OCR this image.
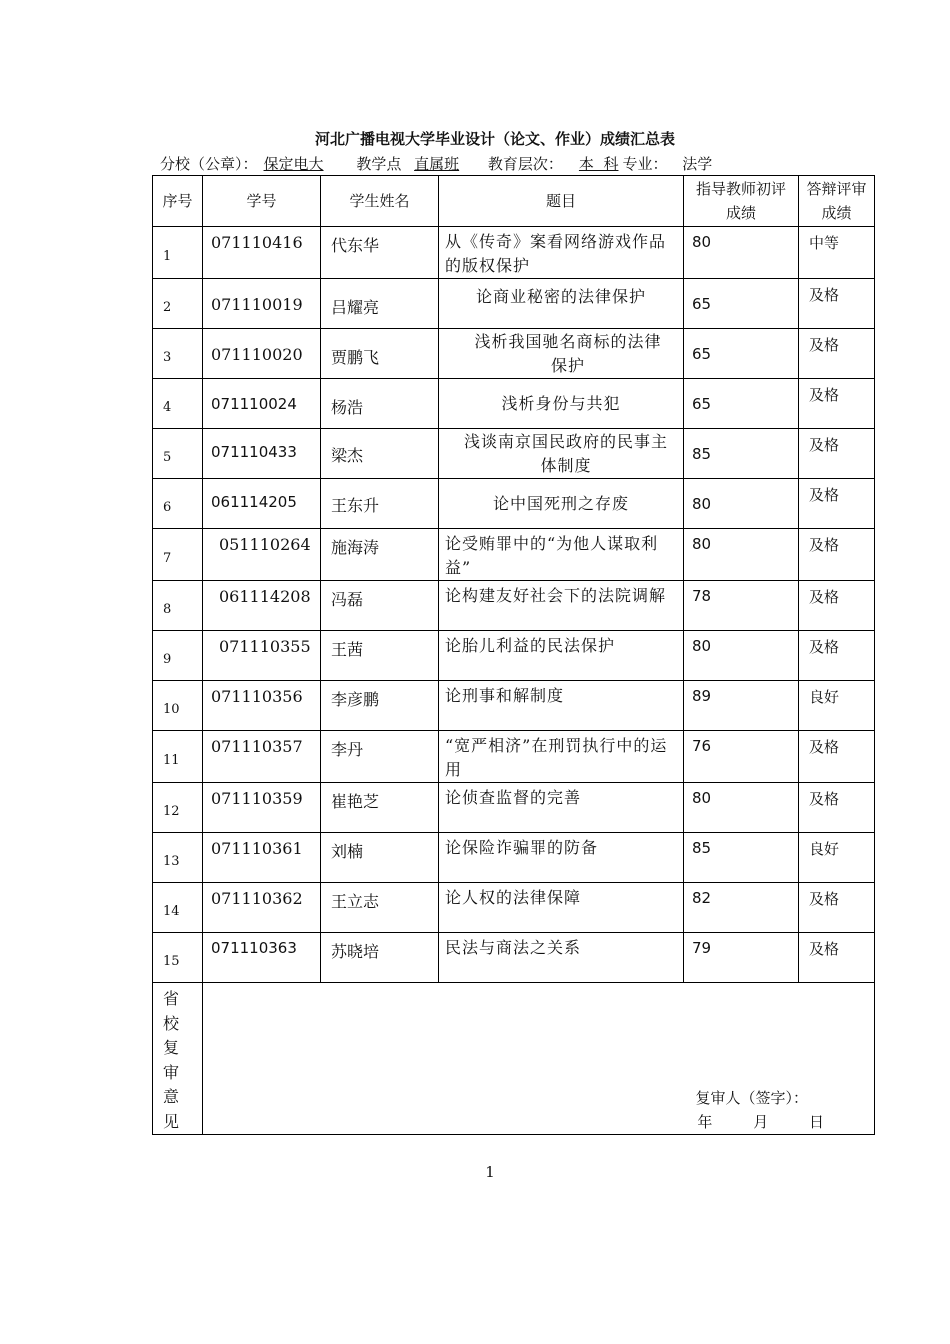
河北广播电视大学毕业设计（论文、作业）成绩汇总表
分校（公章）： 保定电大 教学点 直属班 教育层次： 本  科 专业： 法学
序号	学号	学生姓名	题目	指导教师初评成绩	答辩评审成绩
1	071110416	代东华	从《传奇》案看网络游戏作品的版权保护	80	中等
2	071110019	吕耀亮	论商业秘密的法律保护	65	及格
3	071110020	贾鹏飞	浅析我国驰名商标的法律保护	65	及格
4	071110024	杨浩	浅析身份与共犯	65	及格
5	071110433	梁杰	浅谈南京国民政府的民事主体制度	85	及格
6	061114205	王东升	论中国死刑之存废	80	及格
7	051110264	施海涛	论受贿罪中的“为他人谋取利益”	80	及格
8	061114208	冯磊	论构建友好社会下的法院调解	78	及格
9	071110355	王茜	论胎儿利益的民法保护	80	及格
10	071110356	李彦鹏	论刑事和解制度	89	良好
11	071110357	李丹	“宽严相济”在刑罚执行中的运用	76	及格
12	071110359	崔艳芝	论侦查监督的完善	80	及格
13	071110361	刘楠	论保险诈骗罪的防备	85	良好
14	071110362	王立志	论人权的法律保障	82	及格
15	071110363	苏晓培	民法与商法之关系	79	及格

省校复审意见	复审人（签字）：
年 月 日				
1
